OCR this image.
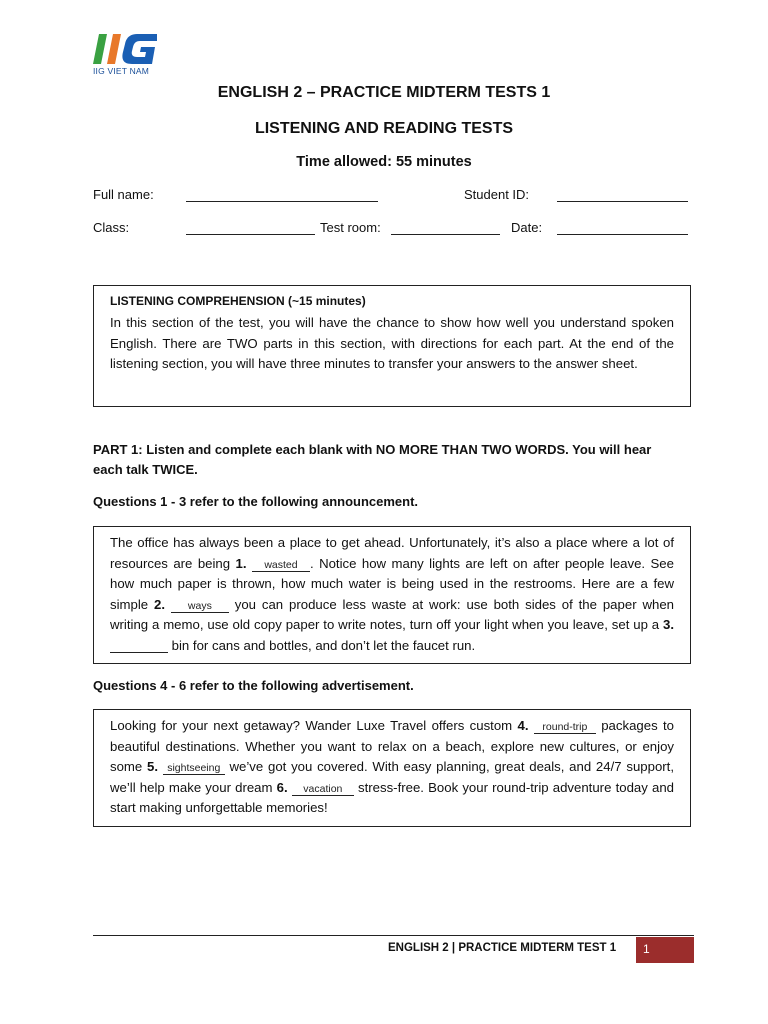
IIG VIET NAM
ENGLISH 2 – PRACTICE MIDTERM TESTS 1
LISTENING AND READING TESTS
Time allowed: 55 minutes
Full name:	Student ID:
Class:	Test room:	Date:
LISTENING COMPREHENSION (~15 minutes)
In this section of the test, you will have the chance to show how well you understand spoken English. There are TWO parts in this section, with directions for each part. At the end of the listening section, you will have three minutes to transfer your answers to the answer sheet.
PART 1: Listen and complete each blank with NO MORE THAN TWO WORDS. You will hear
each talk TWICE.
Questions 1 - 3 refer to the following announcement.
The office has always been a place to get ahead. Unfortunately, it’s also a place where a lot of resources are being 1. wasted . Notice how many lights are left on after people leave. See how much paper is thrown, how much water is being used in the restrooms. Here are a few simple 2. ways you can produce less waste at work: use both sides of the paper when writing a memo, use old copy paper to write notes, turn off your light when you leave, set up a 3.   bin for cans and bottles, and don’t let the faucet run.
Questions 4 - 6 refer to the following advertisement.
Looking for your next getaway? Wander Luxe Travel offers custom 4. round-trip packages to beautiful destinations. Whether you want to relax on a beach, explore new cultures, or enjoy some 5. sightseeing we’ve got you covered. With easy planning, great deals, and 24/7 support, we’ll help make your dream 6. vacation stress-free. Book your round-trip adventure today and start making unforgettable memories!
ENGLISH 2 | PRACTICE MIDTERM TEST 1	1
